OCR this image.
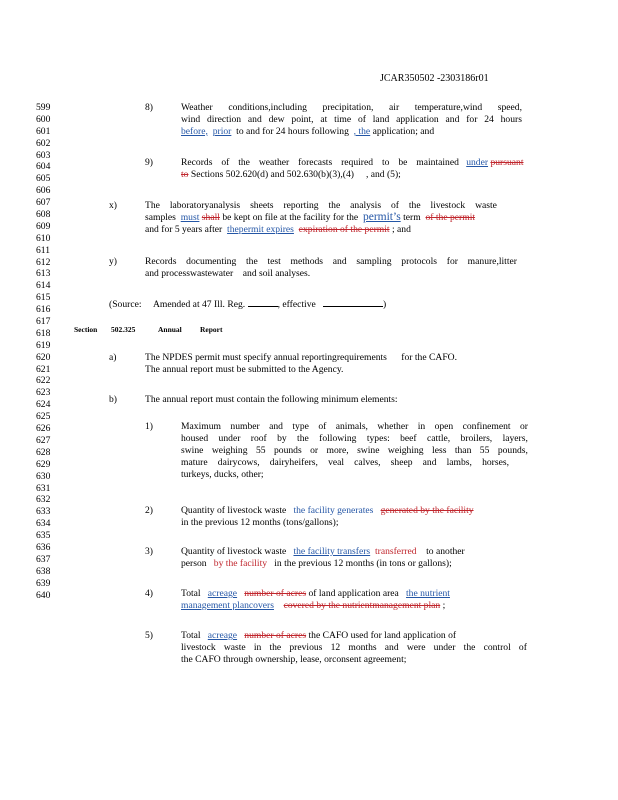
JCAR350502 -2303186r01
599
600
601
602
603
604
605
606
607
608
609
610
611
612
613
614
615
616
617
618
619
620
621
622
623
624
625
626
627
628
629
630
631
632
633
634
635
636
637
638
639
640
8)	Weather conditions,including precipitation, air temperature,wind speed,
wind direction and dew point, at time of land application and for 24 hours
before, prior to and for 24 hours following , the application; and
9)	Records of the weather forecasts required to be maintained under pursuant
to Sections 502.620(d) and 502.630(b)(3),(4) , and (5);
x)	The laboratoryanalysis sheets reporting the analysis of the livestock waste
samples must shall be kept on file at the facility for the permit’s term of the permit
and for 5 years after thepermit expires expiration of the permit ; and
y)	Records documenting the test methods and sampling protocols for manure,litter
and processwastewater    and soil analyses.
(Source: Amended at 47 Ill. Reg.	, effective	)
Section 502.325	Annual Report
a)	The NPDES permit must specify annual reportingrequirements      for the CAFO.
The annual report must be submitted to the Agency.
b)	The annual report must contain the following minimum elements:
1)	Maximum number and type of animals, whether in open confinement or
housed under roof by the following types: beef cattle, broilers, layers,
swine weighing 55 pounds or more, swine weighing less than 55 pounds,
mature dairycows, dairyheifers, veal calves, sheep and lambs, horses,
turkeys, ducks, other;
2)	Quantity of livestock waste the facility generates generated by the facility
in the previous 12 months (tons/gallons);
3)	Quantity of livestock waste the facility transfers transferred to another
person by the facility in the previous 12 months (in tons or gallons);
4)	Total acreage number of acres of land application area the nutrient
management plancovers covered by the nutrientmanagement plan ;
5)	Total acreage number of acres the CAFO used for land application of
livestock waste in the previous 12 months and were under the control of
the CAFO through ownership, lease, orconsent agreement;
